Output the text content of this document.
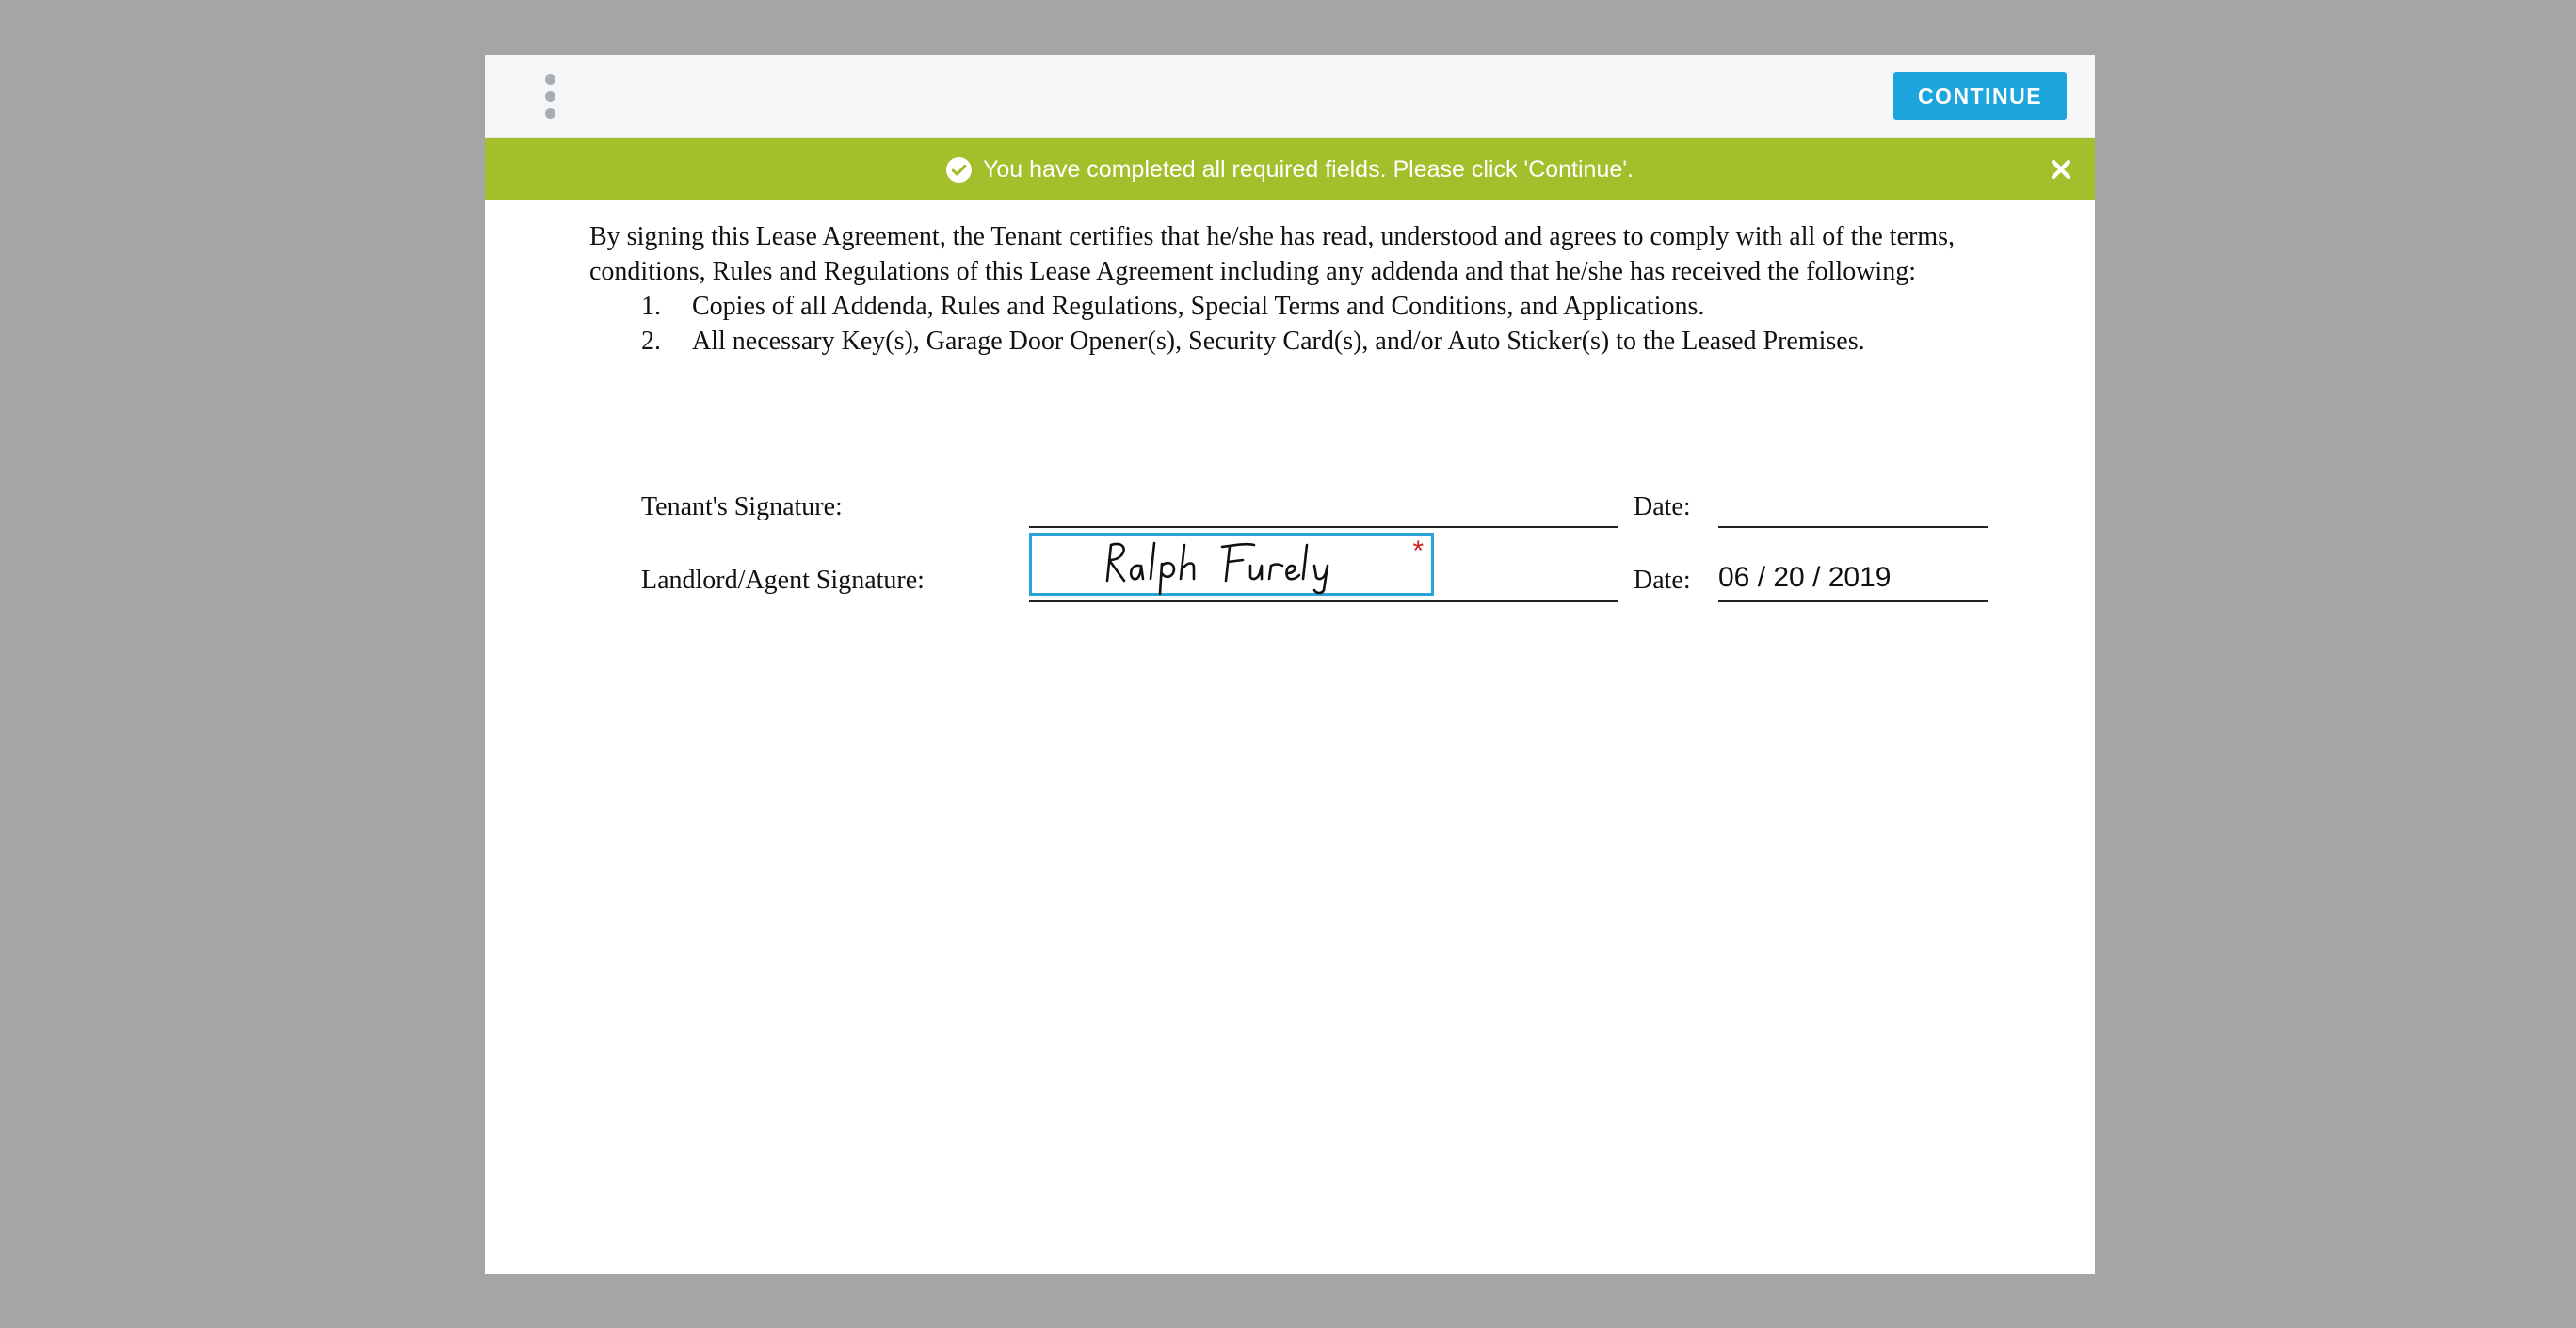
CONTINUE
You have completed all required fields. Please click 'Continue'.
By signing this Lease Agreement, the Tenant certifies that he/she has read, understood and agrees to comply with all of the terms,
conditions, Rules and Regulations of this Lease Agreement including any addenda and that he/she has received the following:
1. Copies of all Addenda, Rules and Regulations, Special Terms and Conditions, and Applications.
2. All necessary Key(s), Garage Door Opener(s), Security Card(s), and/or Auto Sticker(s) to the Leased Premises.
Tenant's Signature:	Date:
Landlord/Agent Signature:
*
Date: 06 / 20 / 2019
